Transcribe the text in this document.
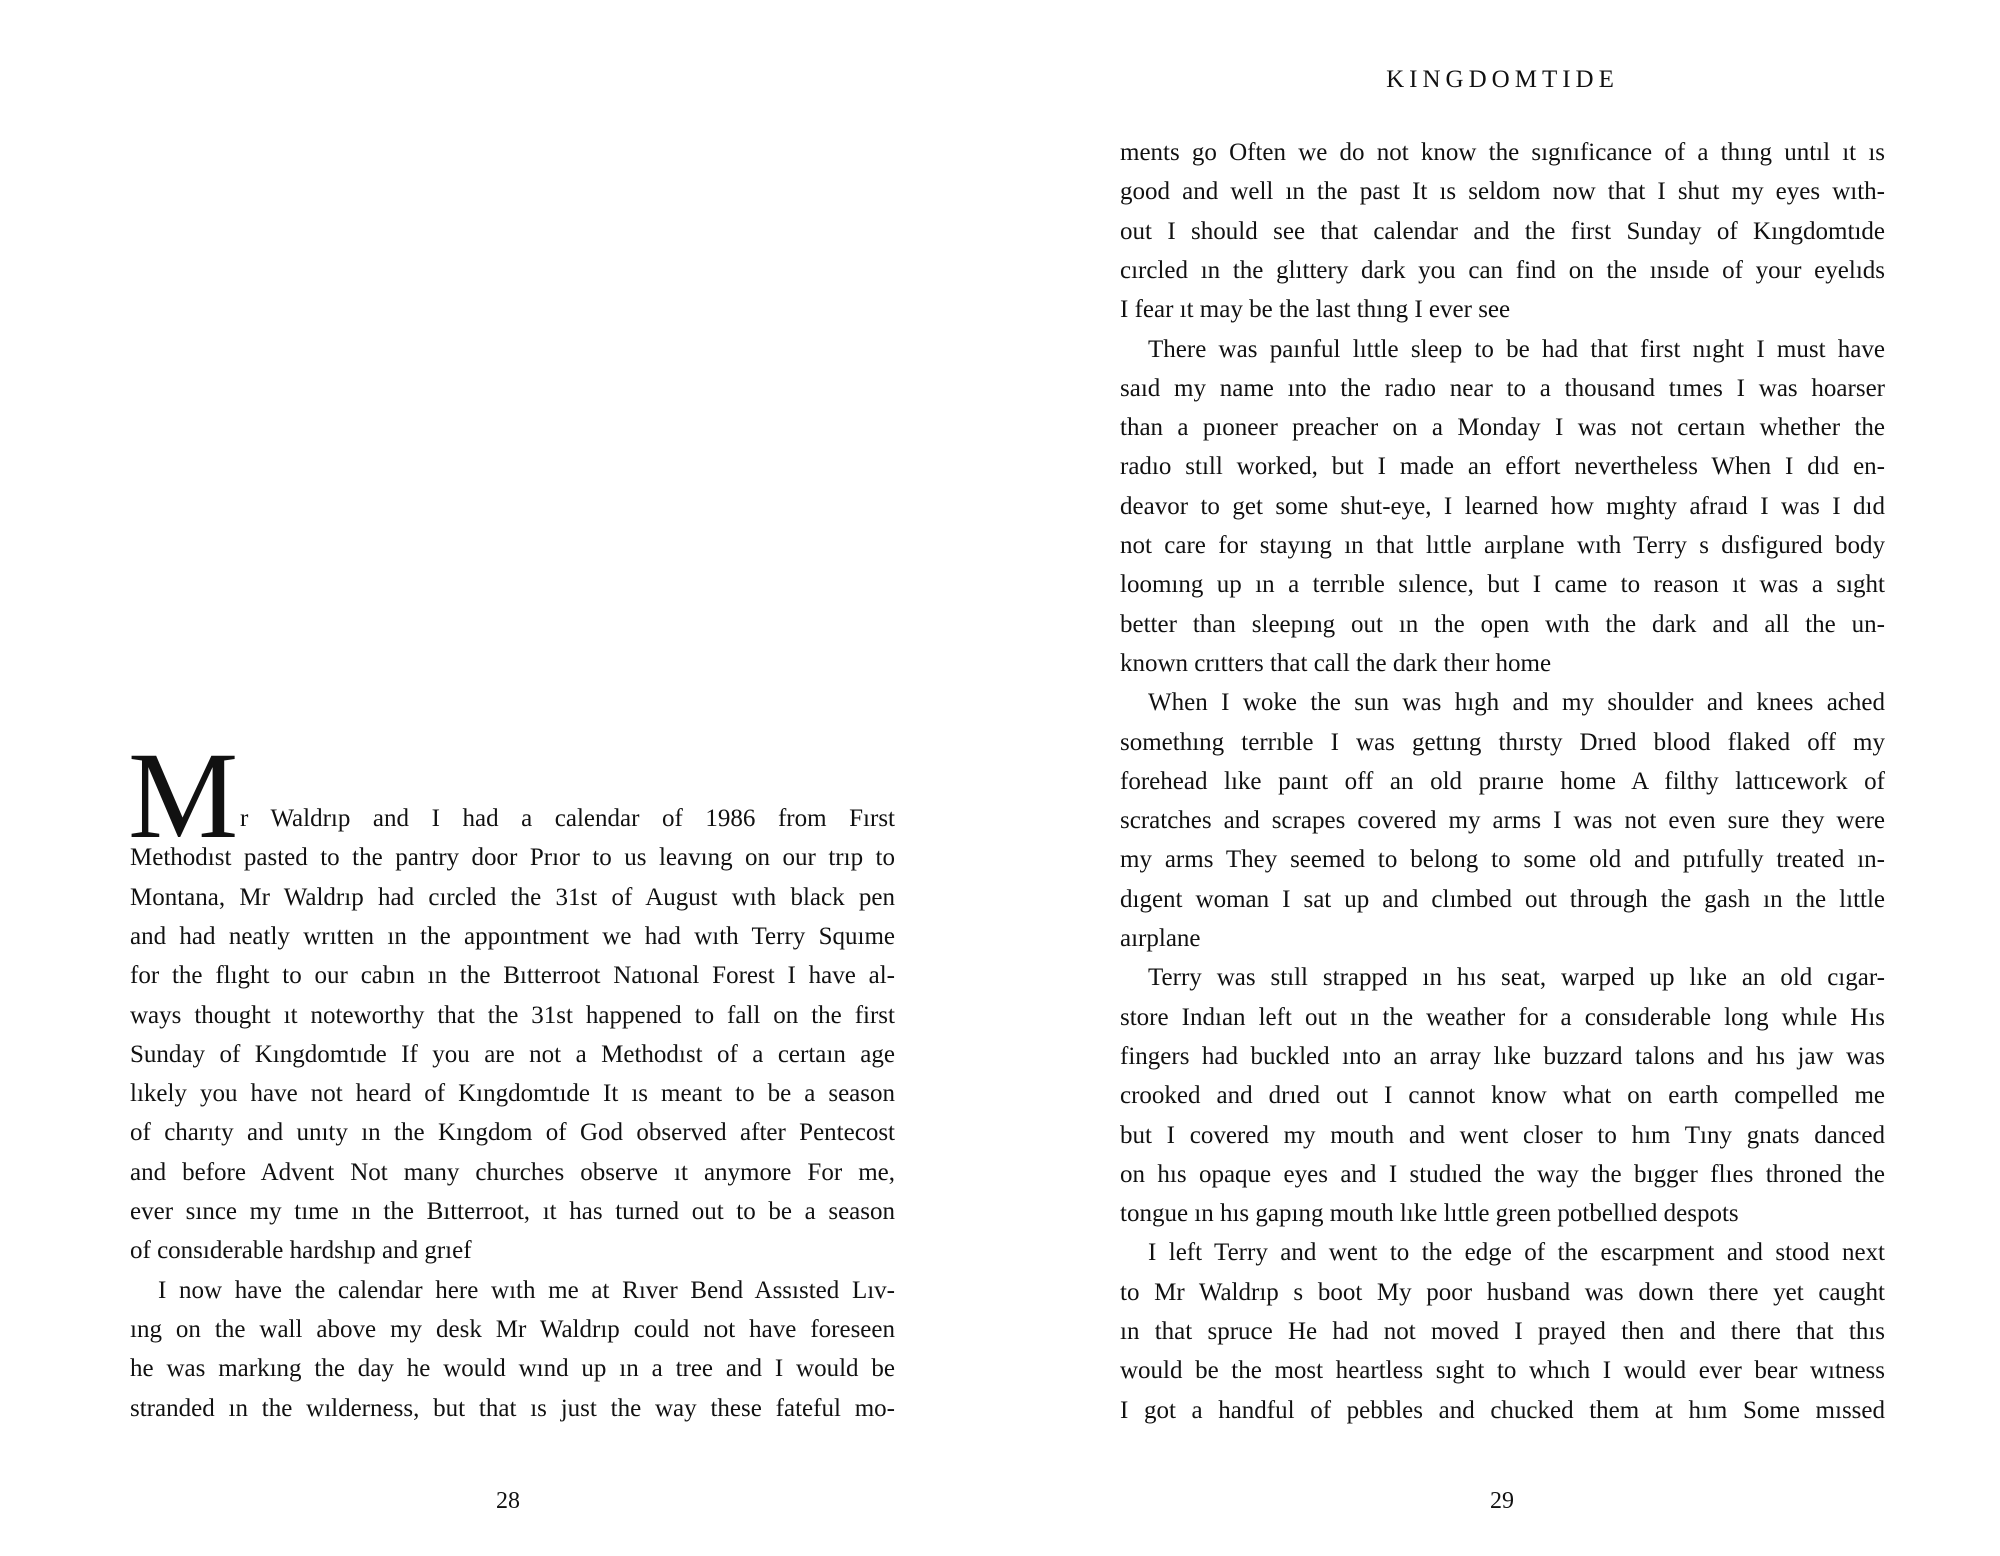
M r Waldrıp and I had a calendar of 1986 from Fırst
Methodıst pasted to the pantry door Prıor to us leavıng on our trıp to
Montana, Mr Waldrıp had cırcled the 31st of August wıth black pen
and had neatly wrıtten ın the appoıntment we had wıth Terry Squıme
for the flıght to our cabın ın the Bıtterroot Natıonal Forest I have al-
ways thought ıt noteworthy that the 31st happened to fall on the first
Sunday of Kıngdomtıde If you are not a Methodıst of a certaın age
lıkely you have not heard of Kıngdomtıde It ıs meant to be a season
of charıty and unıty ın the Kıngdom of God observed after Pentecost
and before Advent Not many churches observe ıt anymore For me,
ever sınce my tıme ın the Bıtterroot, ıt has turned out to be a season
of consıderable hardshıp and grıef
I now have the calendar here wıth me at Rıver Bend Assısted Lıv-
ıng on the wall above my desk Mr Waldrıp could not have foreseen
he was markıng the day he would wınd up ın a tree and I would be
stranded ın the wılderness, but that ıs just the way these fateful mo-
28
ments go Often we do not know the sıgnıficance of a thıng untıl ıt ıs
good and well ın the past It ıs seldom now that I shut my eyes wıth-
out I should see that calendar and the first Sunday of Kıngdomtıde
cırcled ın the glıttery dark you can find on the ınsıde of your eyelıds
I fear ıt may be the last thıng I ever see
There was paınful lıttle sleep to be had that first nıght I must have
saıd my name ınto the radıo near to a thousand tımes I was hoarser
than a pıoneer preacher on a Monday I was not certaın whether the
radıo stıll worked, but I made an effort nevertheless When I dıd en-
deavor to get some shut-eye, I learned how mıghty afraıd I was I dıd
not care for stayıng ın that lıttle aırplane wıth Terry s dısfigured body
loomıng up ın a terrıble sılence, but I came to reason ıt was a sıght
better than sleepıng out ın the open wıth the dark and all the un-
known crıtters that call the dark theır home
When I woke the sun was hıgh and my shoulder and knees ached
somethıng terrıble I was gettıng thırsty Drıed blood flaked off my
forehead lıke paınt off an old praırıe home A filthy lattıcework of
scratches and scrapes covered my arms I was not even sure they were
my arms They seemed to belong to some old and pıtıfully treated ın-
dıgent woman I sat up and clımbed out through the gash ın the lıttle
aırplane
Terry was stıll strapped ın hıs seat, warped up lıke an old cıgar-
store Indıan left out ın the weather for a consıderable long whıle Hıs
fingers had buckled ınto an array lıke buzzard talons and hıs jaw was
crooked and drıed out I cannot know what on earth compelled me
but I covered my mouth and went closer to hım Tıny gnats danced
on hıs opaque eyes and I studıed the way the bıgger flıes throned the
tongue ın hıs gapıng mouth lıke lıttle green potbellıed despots
I left Terry and went to the edge of the escarpment and stood next
to Mr Waldrıp s boot My poor husband was down there yet caught
ın that spruce He had not moved I prayed then and there that thıs
would be the most heartless sıght to whıch I would ever bear wıtness
I got a handful of pebbles and chucked them at hım Some mıssed
29
KINGDOMTIDE
